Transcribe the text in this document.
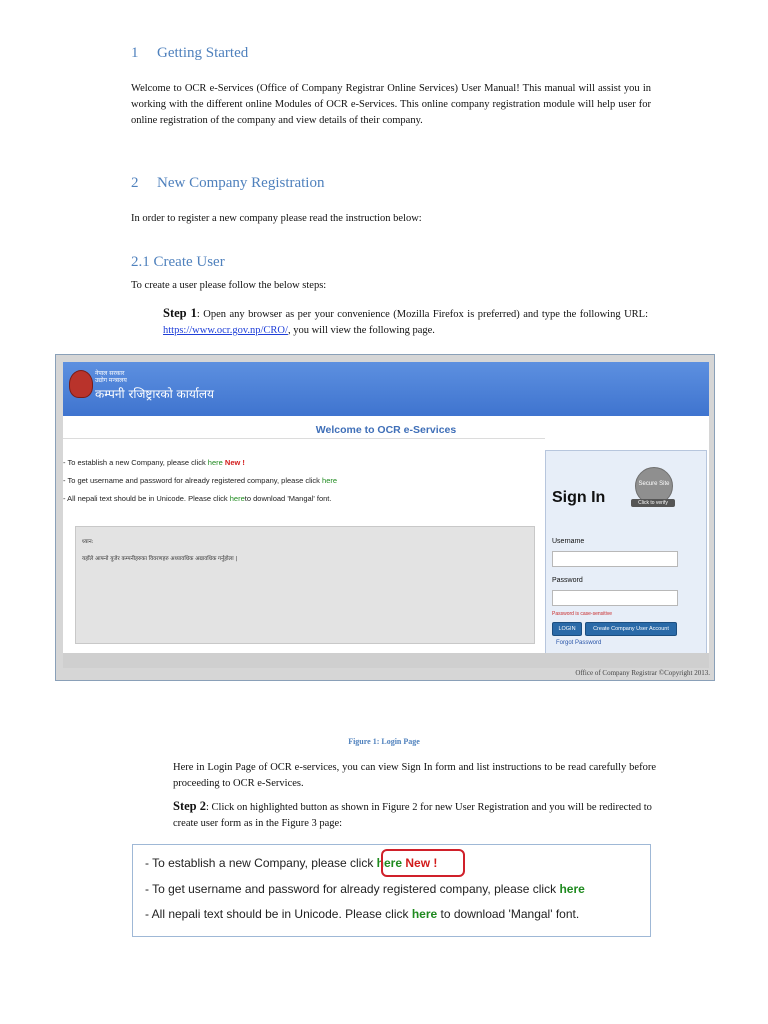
1 Getting Started
Welcome to OCR e-Services (Office of Company Registrar Online Services) User Manual! This manual will assist you in working with the different online Modules of OCR e-Services. This online company registration module will help user for online registration of the company and view details of their company.
2 New Company Registration
In order to register a new company please read the instruction below:
2.1 Create User
To create a user please follow the below steps:
Step 1: Open any browser as per your convenience (Mozilla Firefox is preferred) and type the following URL: https://www.ocr.gov.np/CRO/, you will view the following page.
नेपाल सरकार
उद्योग मन्त्रालय
कम्पनी रजिष्ट्रारको कार्यालय
Welcome to OCR e-Services
- To establish a new Company, please click here New !
- To get username and password for already registered company, please click here
- All nepali text should be in Unicode. Please click hereto download 'Mangal' font.
ध्यान:
यहाँले आफ्नो युजेर कम्पनीहरुका विवरणहरु अध्यावधिक अद्यावधिक गर्नुहोला |
Sign In
Secure Site
Click to verify
Username
Password
Password is case-sensitive
LOGIN	Create Company User Account
Forgot Password
Office of Company Registrar ©Copyright 2013.
Figure 1: Login Page
Here in Login Page of OCR e-services, you can view Sign In form and list instructions to be read carefully before proceeding to OCR e-Services.
Step 2: Click on highlighted button as shown in Figure 2 for new User Registration and you will be redirected to create user form as in the Figure 3 page:
- To establish a new Company, please click here New !
- To get username and password for already registered company, please click here
- All nepali text should be in Unicode. Please click here to download 'Mangal' font.
